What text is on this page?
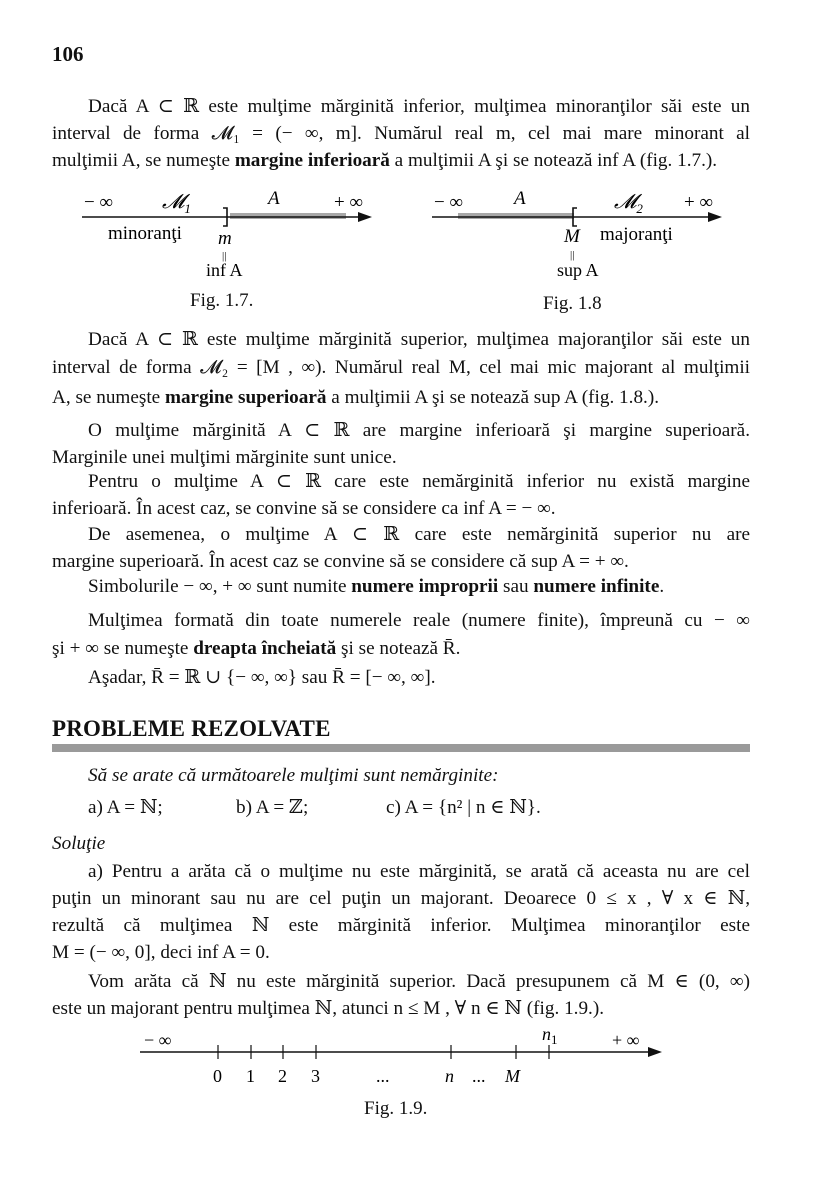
106
Dacă A ⊂ ℝ este mulţime mărginită inferior, mulţimea minoranţilor săi este un
interval de forma 𝓜₁ = (− ∞, m]. Numărul real m, cel mai mare minorant al
mulţimii A, se numeşte margine inferioară a mulţimii A şi se notează inf A (fig. 1.7.).
− ∞ 𝓜$_1$	A	+ ∞
minoranţi m
||
inf A
Fig. 1.7.
− ∞	A	𝓜$_2$ + ∞
M majoranţi
||
sup A
Fig. 1.8
Dacă A ⊂ ℝ este mulţime mărginită superior, mulţimea majoranţilor săi este un
interval de forma 𝓜₂ = [M , ∞). Numărul real M, cel mai mic majorant al mulţimii
A, se numeşte margine superioară a mulţimii A şi se notează sup A (fig. 1.8.).
O mulţime mărginită A ⊂ ℝ are margine inferioară şi margine superioară.
Marginile unei mulţimi mărginite sunt unice.
Pentru o mulţime A ⊂ ℝ care este nemărginită inferior nu există margine
inferioară. În acest caz, se convine să se considere ca inf A = − ∞.
De asemenea, o mulţime A ⊂ ℝ care este nemărginită superior nu are
margine superioară. În acest caz se convine să se considere că sup A = + ∞.
Simbolurile − ∞, + ∞ sunt numite numere improprii sau numere infinite.
Mulţimea formată din toate numerele reale (numere finite), împreună cu − ∞
şi + ∞ se numeşte dreapta încheiată şi se notează R̄.
Aşadar, R̄ = ℝ ∪ {− ∞, ∞} sau R̄ = [− ∞, ∞].
PROBLEME REZOLVATE
Să se arate că următoarele mulţimi sunt nemărginite:
a) A = ℕ;	b) A = ℤ;	c) A = {n² | n ∈ ℕ}.
Soluţie
a) Pentru a arăta că o mulţime nu este mărginită, se arată că aceasta nu are cel
puţin un minorant sau nu are cel puţin un majorant. Deoarece 0 ≤ x , ∀ x ∈ ℕ,
rezultă că mulţimea ℕ este mărginită inferior. Mulţimea minoranţilor este
M = (− ∞, 0], deci inf A = 0.
Vom arăta că ℕ nu este mărginită superior. Dacă presupunem că M ∈ (0, ∞)
este un majorant pentru mulţimea ℕ, atunci n ≤ M , ∀ n ∈ ℕ (fig. 1.9.).
− ∞	+ ∞
$n_1$
0 1 2 3	...	n ... M
Fig. 1.9.
